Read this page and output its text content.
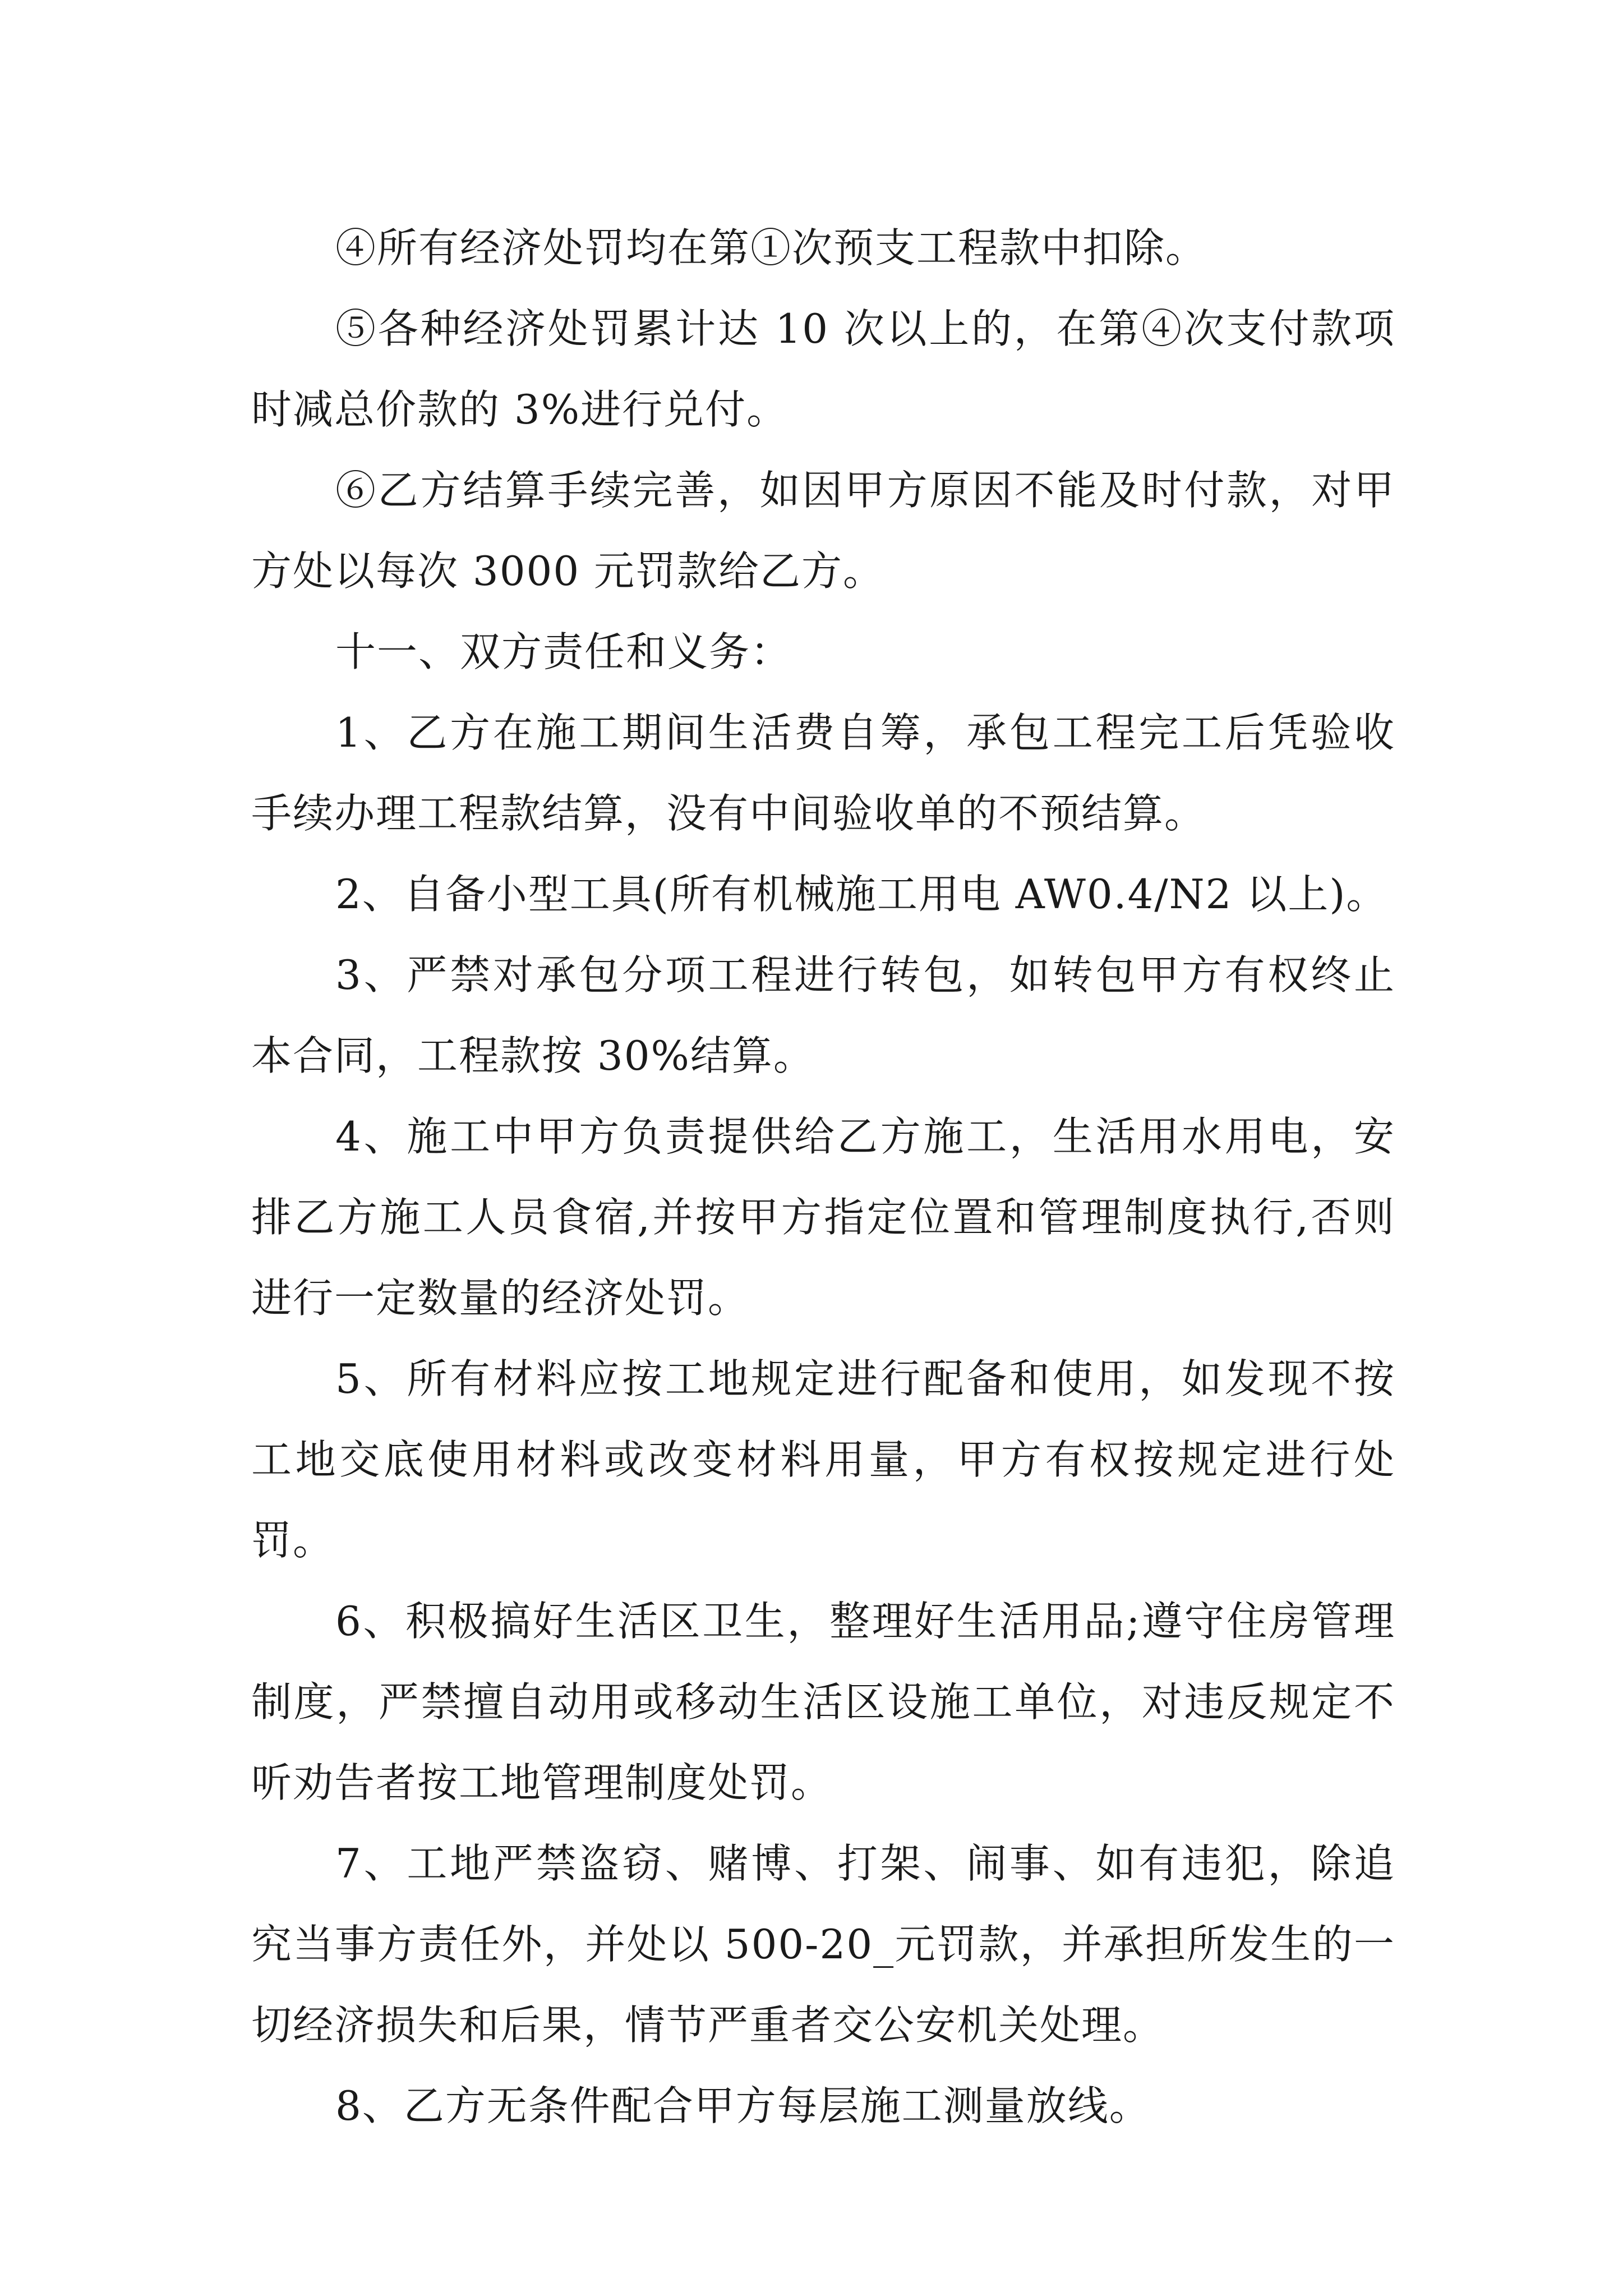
④所有经济处罚均在第①次预支工程款中扣除。

⑤各种经济处罚累计达 10 次以上的，在第④次支付款项时减总价款的 3%进行兑付。

⑥乙方结算手续完善，如因甲方原因不能及时付款，对甲方处以每次 3000 元罚款给乙方。

十一、双方责任和义务：

1、乙方在施工期间生活费自筹，承包工程完工后凭验收手续办理工程款结算，没有中间验收单的不预结算。

2、自备小型工具(所有机械施工用电 AW0.4/N2 以上)。

3、严禁对承包分项工程进行转包，如转包甲方有权终止本合同，工程款按 30%结算。

4、施工中甲方负责提供给乙方施工，生活用水用电，安排乙方施工人员食宿,并按甲方指定位置和管理制度执行,否则进行一定数量的经济处罚。

5、所有材料应按工地规定进行配备和使用，如发现不按工地交底使用材料或改变材料用量，甲方有权按规定进行处罚。

6、积极搞好生活区卫生，整理好生活用品;遵守住房管理制度，严禁擅自动用或移动生活区设施工单位，对违反规定不听劝告者按工地管理制度处罚。

7、工地严禁盗窃、赌博、打架、闹事、如有违犯，除追究当事方责任外，并处以 500-20_元罚款，并承担所发生的一切经济损失和后果，情节严重者交公安机关处理。

8、乙方无条件配合甲方每层施工测量放线。
